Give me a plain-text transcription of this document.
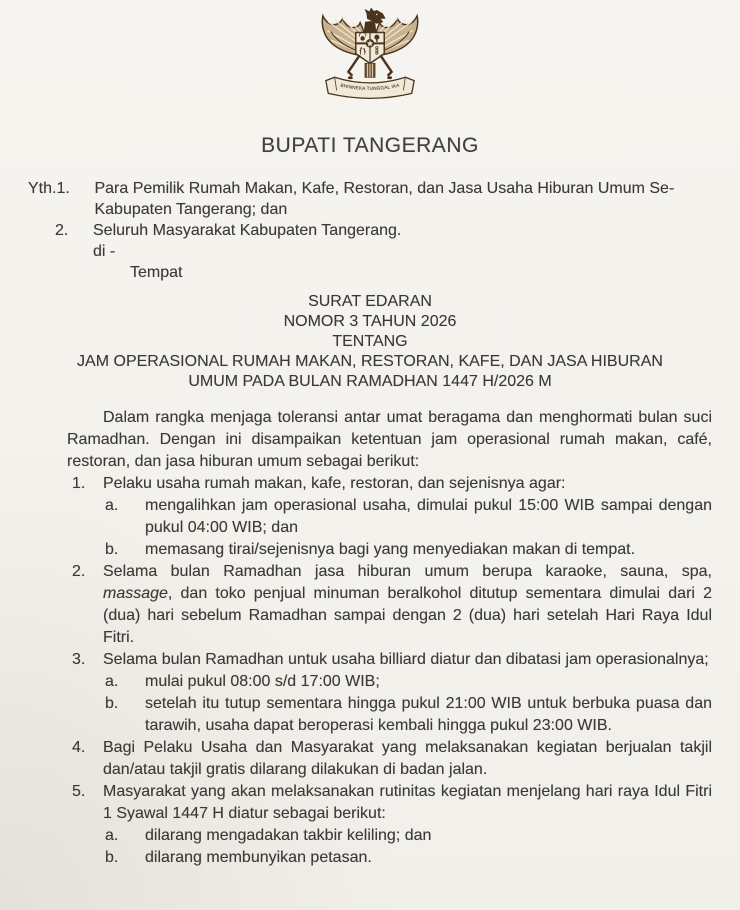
BHINNEKA TUNGGAL IKA
BUPATI TANGERANG
Yth. 1.	Para Pemilik Rumah Makan, Kafe, Restoran, dan Jasa Usaha Hiburan Umum Se-Kabupaten Tangerang; dan
2.	Seluruh Masyarakat Kabupaten Tangerang.
di -
Tempat
SURAT EDARAN
NOMOR 3 TAHUN 2026
TENTANG
JAM OPERASIONAL RUMAH MAKAN, RESTORAN, KAFE, DAN JASA HIBURAN UMUM PADA BULAN RAMADHAN 1447 H/2026 M
Dalam rangka menjaga toleransi antar umat beragama dan menghormati bulan suci Ramadhan. Dengan ini disampaikan ketentuan jam operasional rumah makan, café, restoran, dan jasa hiburan umum sebagai berikut:
1.	Pelaku usaha rumah makan, kafe, restoran, dan sejenisnya agar:
a.	mengalihkan jam operasional usaha, dimulai pukul 15:00 WIB sampai dengan pukul 04:00 WIB; dan
b.	memasang tirai/sejenisnya bagi yang menyediakan makan di tempat.
2.	Selama bulan Ramadhan jasa hiburan umum berupa karaoke, sauna, spa,massage, dan toko penjual minuman beralkohol ditutup sementara dimulai dari 2 (dua) hari sebelum Ramadhan sampai dengan 2 (dua) hari setelah Hari Raya Idul Fitri.
3.	Selama bulan Ramadhan untuk usaha billiard diatur dan dibatasi jam operasionalnya;
a.	mulai pukul 08:00 s/d 17:00 WIB;
b.	setelah itu tutup sementara hingga pukul 21:00 WIB untuk berbuka puasa dan tarawih, usaha dapat beroperasi kembali hingga pukul 23:00 WIB.
4.	Bagi Pelaku Usaha dan Masyarakat yang melaksanakan kegiatan berjualan takjil dan/atau takjil gratis dilarang dilakukan di badan jalan.
5.	Masyarakat yang akan melaksanakan rutinitas kegiatan menjelang hari raya Idul Fitri 1 Syawal 1447 H diatur sebagai berikut:
a.	dilarang mengadakan takbir keliling; dan
b.	dilarang membunyikan petasan.
